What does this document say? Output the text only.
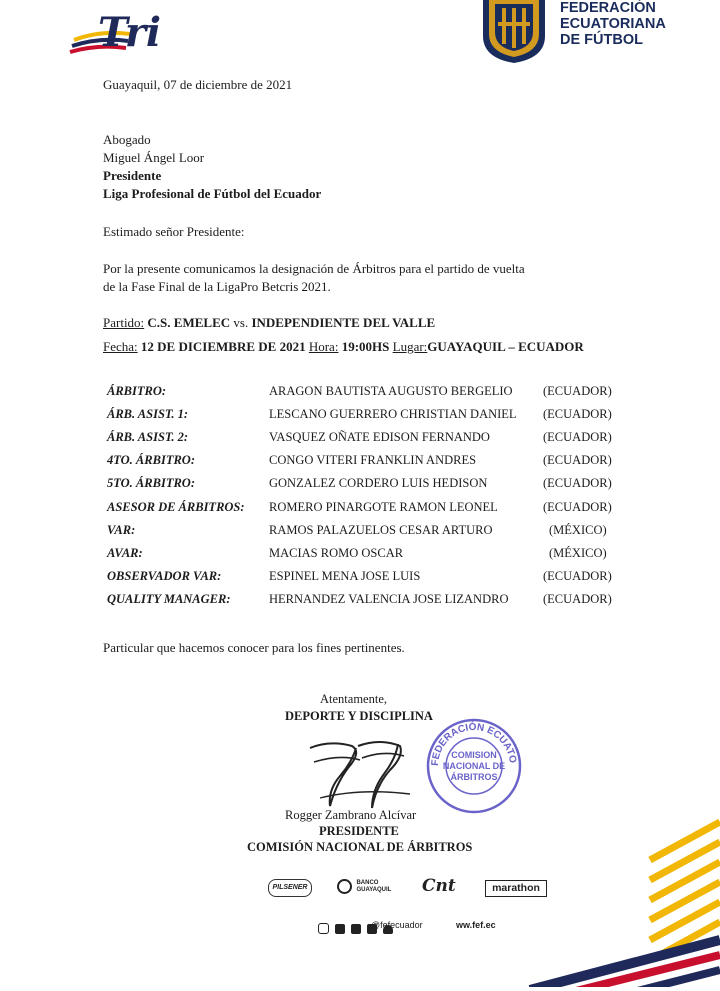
Tri
FEDERACIÓN
ECUATORIANA
DE FÚTBOL
Guayaquil, 07 de diciembre de 2021
Abogado
Miguel Ángel Loor
Presidente
Liga Profesional de Fútbol del Ecuador
Estimado señor Presidente:
Por la presente comunicamos la designación de Árbitros para el partido de vuelta
de la Fase Final de la LigaPro Betcris 2021.
Partido: C.S. EMELEC vs. INDEPENDIENTE DEL VALLE
Fecha: 12 DE DICIEMBRE DE 2021 Hora: 19:00HS Lugar:GUAYAQUIL – ECUADOR
ÁRBITRO:	ARAGON BAUTISTA AUGUSTO BERGELIO (ECUADOR)
ÁRB. ASIST. 1:	LESCANO GUERRERO CHRISTIAN DANIEL (ECUADOR)
ÁRB. ASIST. 2:	VASQUEZ OÑATE EDISON FERNANDO	(ECUADOR)
4TO. ÁRBITRO:	CONGO VITERI FRANKLIN ANDRES	(ECUADOR)
5TO. ÁRBITRO:	GONZALEZ CORDERO LUIS HEDISON	(ECUADOR)
ASESOR DE ÁRBITROS: ROMERO PINARGOTE RAMON LEONEL	(ECUADOR)
VAR:	RAMOS PALAZUELOS CESAR ARTURO	(MÉXICO)
AVAR:	MACIAS ROMO OSCAR	(MÉXICO)
OBSERVADOR VAR:	ESPINEL MENA JOSE LUIS	(ECUADOR)
QUALITY MANAGER:	HERNANDEZ VALENCIA JOSE LIZANDRO	(ECUADOR)
Particular que hacemos conocer para los fines pertinentes.
Atentamente,
DEPORTE Y DISCIPLINA
FEDERACIÓN ECUATO
COMISION
NACIONAL DE
ÁRBITROS
Rogger Zambrano Alcívar
PRESIDENTE
COMISIÓN NACIONAL DE ÁRBITROS
PILSENER
BANCO GUAYAQUIL	Cnt	marathon

@fefecuador	ww.fef.ec
